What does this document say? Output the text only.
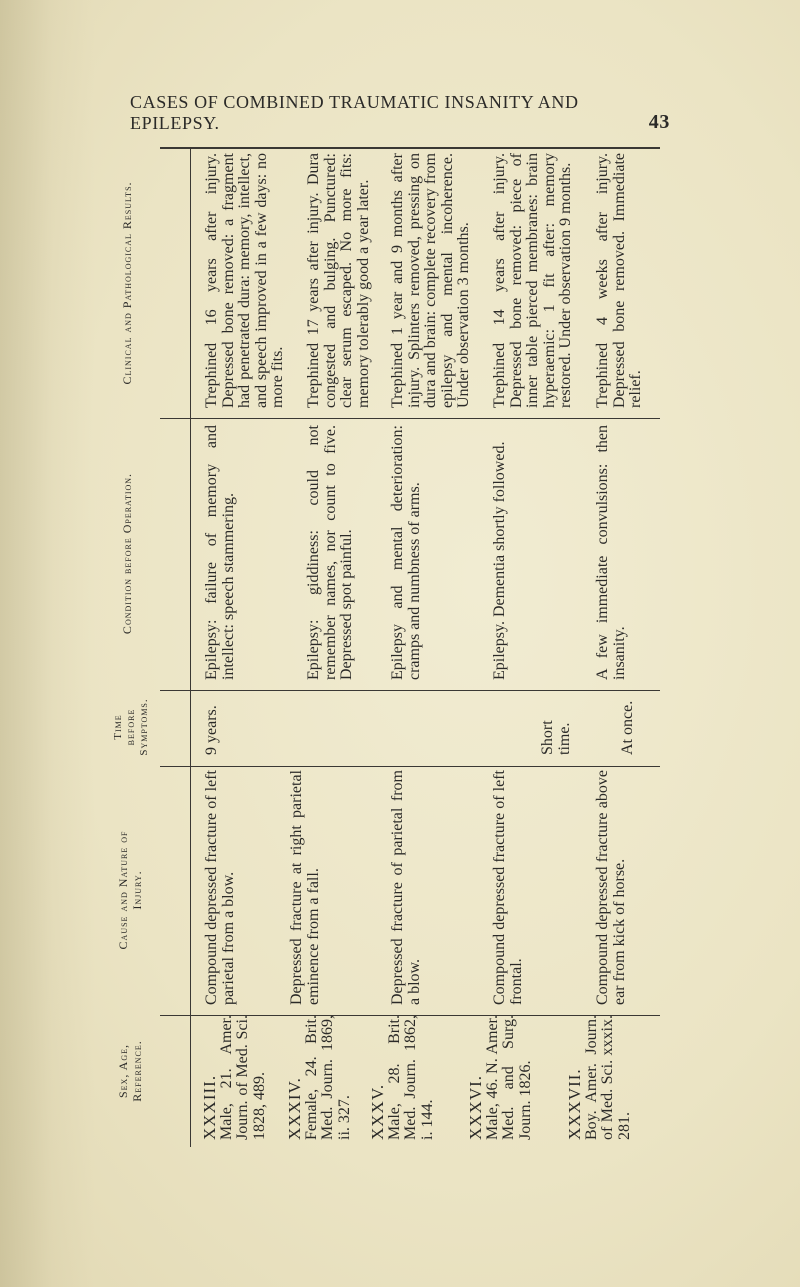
CASES OF COMBINED TRAUMATIC INSANITY AND EPILEPSY.	43
Sex, Age, Reference.
Cause and Nature of Injury.
Time before Symptoms.
Condition before Operation.
Clinical and Pathological Results.
XXXIII.
Male, 21. Amer. Journ. of Med. Sci. 1828, 489.
Compound depressed fracture of left parietal from a blow.
9 years.
Epilepsy: failure of memory and intellect: speech stammering.
Trephined 16 years after injury. Depressed bone removed: a fragment had penetrated dura: memory, intellect, and speech improved in a few days: no more fits.
XXXIV.
Female, 24. Brit. Med. Journ. 1869, ii. 327.
Depressed fracture at right parietal eminence from a fall.
Epilepsy: giddiness: could not remember names, nor count to five. Depressed spot painful.
Trephined 17 years after injury. Dura congested and bulging. Punctured: clear serum escaped. No more fits: memory tolerably good a year later.
XXXV.
Male, 28. Brit. Med. Journ. 1862, i. 144.
Depressed fracture of parietal from a blow.
Epilepsy and mental deterioration: cramps and numbness of arms.
Trephined 1 year and 9 months after injury. Splinters removed, pressing on dura and brain: complete recovery from epilepsy and mental incoherence. Under observation 3 months.
XXXVI.
Male, 46. N. Amer. Med. and Surg. Journ. 1826.
Compound depressed fracture of left frontal.
Short time.
Epilepsy. Dementia shortly followed.
Trephined 14 years after injury. Depressed bone removed: piece of inner table pierced membranes: brain hyperaemic: 1 fit after: memory restored. Under observation 9 months.
XXXVII.
Boy. Amer. Journ. of Med. Sci. xxxix. 281.
Compound depressed fracture above ear from kick of horse.
At once.
A few immediate convulsions: then insanity.
Trephined 4 weeks after injury. Depressed bone removed. Immediate relief.
